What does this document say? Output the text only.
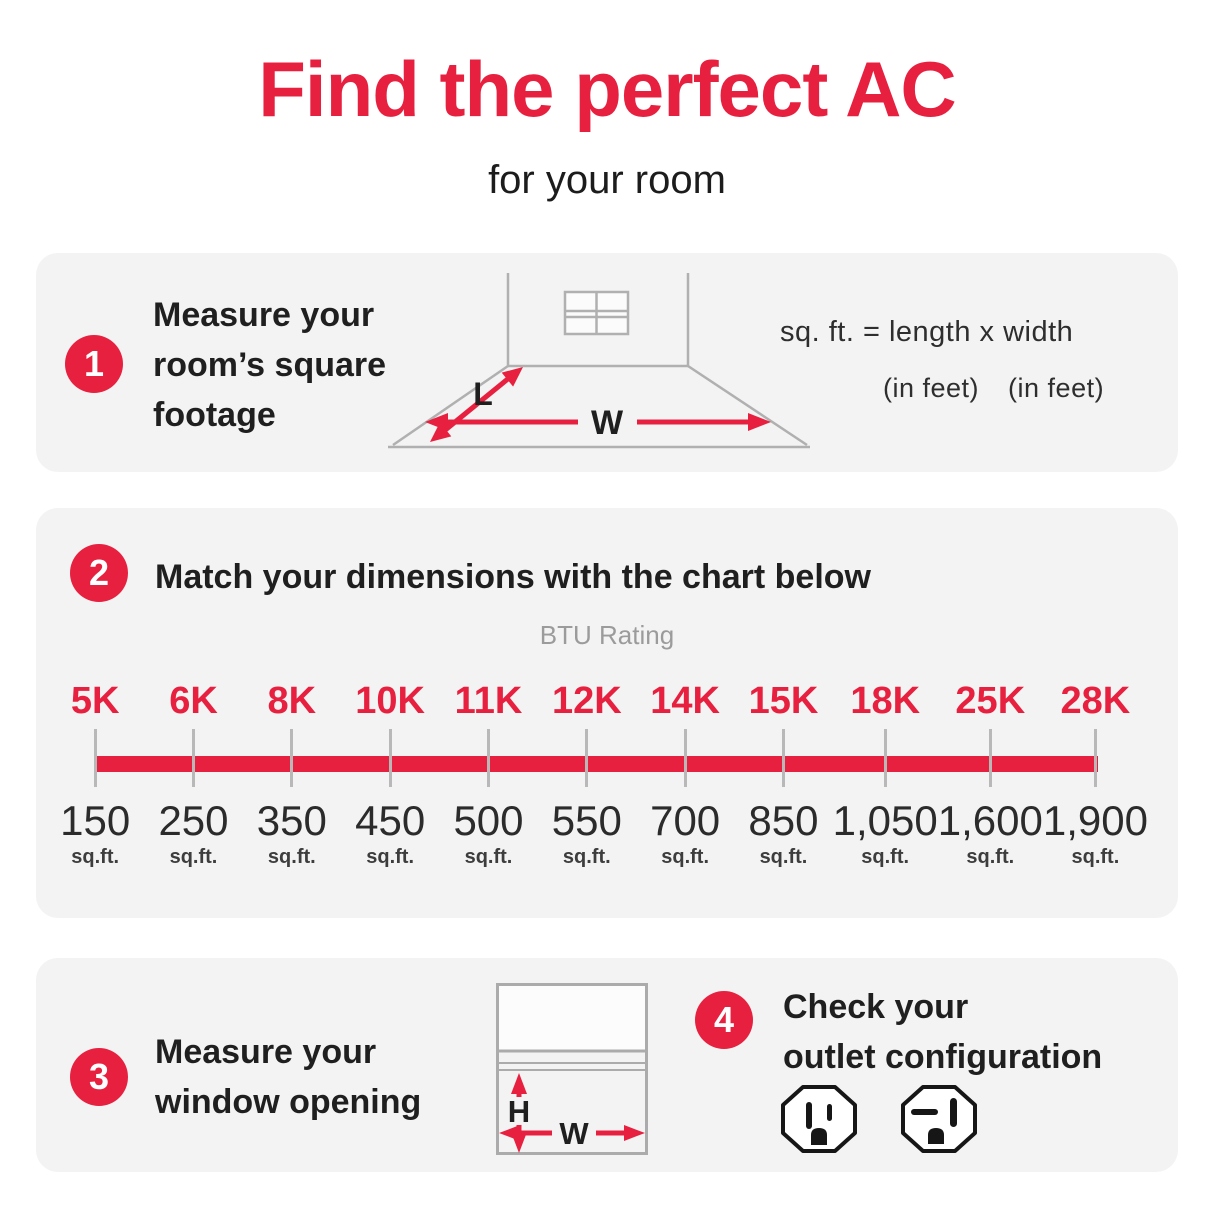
Find the perfect AC
for your room
1
Measure your room’s square footage
L
W
sq. ft. = length x width
(in feet) (in feet)
2	Match your dimensions with the chart below
BTU Rating
5K
150
sq.ft.
6K
250
sq.ft.
8K
350
sq.ft.
10K
450
sq.ft.
11K
500
sq.ft.
12K
550
sq.ft.
14K
700
sq.ft.
15K
850
sq.ft.
18K
1,050
sq.ft.
25K
1,600
sq.ft.
28K
1,900
sq.ft.
3
Measure your window opening	H
W
4	Check your
outlet configuration
